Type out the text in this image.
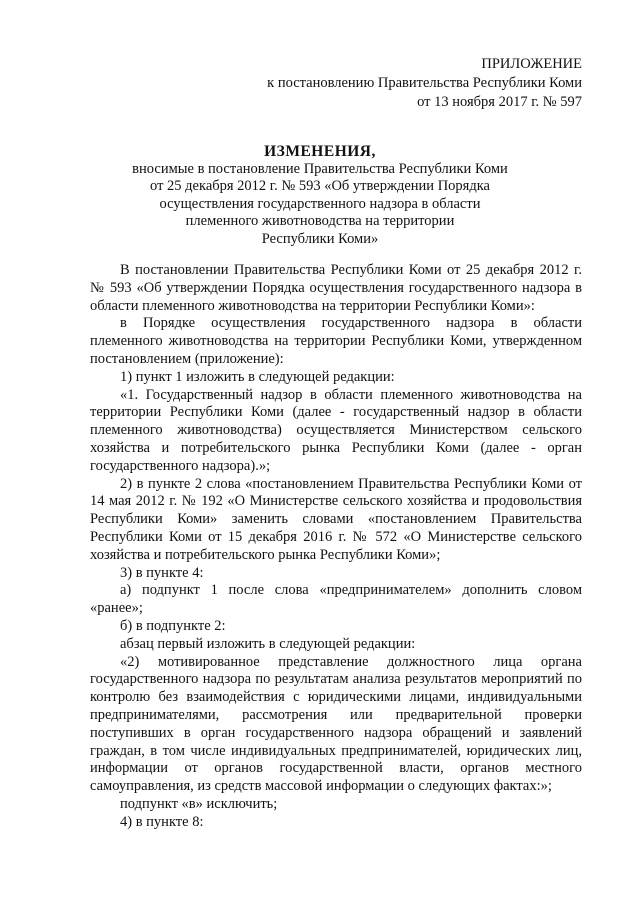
ПРИЛОЖЕНИЕ
к постановлению Правительства Республики Коми
от 13 ноября 2017 г. № 597
ИЗМЕНЕНИЯ,
вносимые в постановление Правительства Республики Коми
от 25 декабря 2012 г. № 593 «Об утверждении Порядка
осуществления государственного надзора в области
племенного животноводства на территории
Республики Коми»

В постановлении Правительства Республики Коми от 25 декабря 2012 г. № 593 «Об утверждении Порядка осуществления государственного надзора в области племенного животноводства на территории Республики Коми»:

в Порядке осуществления государственного надзора в области племенного животноводства на территории Республики Коми, утвержденном постановлением (приложение):

1) пункт 1 изложить в следующей редакции:

«1. Государственный надзор в области племенного животноводства на территории Республики Коми (далее - государственный надзор в области племенного животноводства) осуществляется Министерством сельского хозяйства и потребительского рынка Республики Коми (далее - орган государственного надзора).»;

2) в пункте 2 слова «постановлением Правительства Республики Коми от 14 мая 2012 г. № 192 «О Министерстве сельского хозяйства и продовольствия Республики Коми» заменить словами «постановлением Правительства Республики Коми от 15 декабря 2016 г. № 572 «О Министерстве сельского хозяйства и потребительского рынка Республики Коми»;

3) в пункте 4:

а) подпункт 1 после слова «предпринимателем» дополнить словом «ранее»;

б) в подпункте 2:

абзац первый изложить в следующей редакции:

«2) мотивированное представление должностного лица органа государственного надзора по результатам анализа результатов мероприятий по контролю без взаимодействия с юридическими лицами, индивидуальными предпринимателями, рассмотрения или предварительной проверки поступивших в орган государственного надзора обращений и заявлений граждан, в том числе индивидуальных предпринимателей, юридических лиц, информации от органов государственной власти, органов местного самоуправления, из средств массовой информации о следующих фактах:»;

подпункт «в» исключить;

4) в пункте 8:
